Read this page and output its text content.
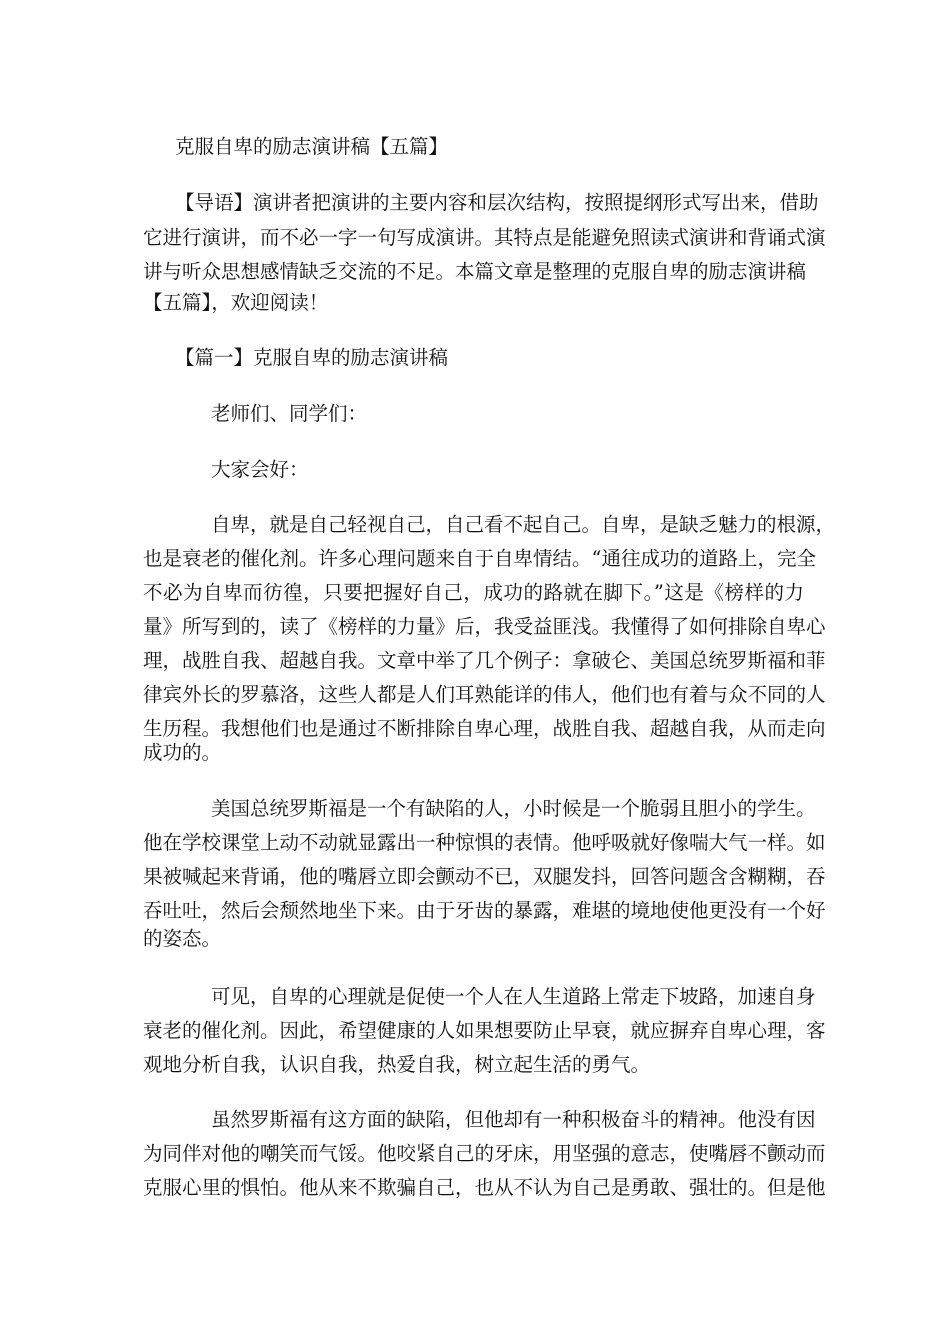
克服自卑的励志演讲稿【五篇】
【导语】演讲者把演讲的主要内容和层次结构，按照提纲形式写出来，借助
它进行演讲，而不必一字一句写成演讲。其特点是能避免照读式演讲和背诵式演
讲与听众思想感情缺乏交流的不足。本篇文章是整理的克服自卑的励志演讲稿
【五篇】，欢迎阅读！
【篇一】克服自卑的励志演讲稿
老师们、同学们：
大家会好：
自卑，就是自己轻视自己，自己看不起自己。自卑，是缺乏魅力的根源，
也是衰老的催化剂。许多心理问题来自于自卑情结。“通往成功的道路上，完全
不必为自卑而彷徨，只要把握好自己，成功的路就在脚下。”这是《榜样的力
量》所写到的，读了《榜样的力量》后，我受益匪浅。我懂得了如何排除自卑心
理，战胜自我、超越自我。文章中举了几个例子：拿破仑、美国总统罗斯福和菲
律宾外长的罗慕洛，这些人都是人们耳熟能详的伟人，他们也有着与众不同的人
生历程。我想他们也是通过不断排除自卑心理，战胜自我、超越自我，从而走向
成功的。
美国总统罗斯福是一个有缺陷的人，小时候是一个脆弱且胆小的学生。
他在学校课堂上动不动就显露出一种惊惧的表情。他呼吸就好像喘大气一样。如
果被喊起来背诵，他的嘴唇立即会颤动不已，双腿发抖，回答问题含含糊糊，吞
吞吐吐，然后会颓然地坐下来。由于牙齿的暴露，难堪的境地使他更没有一个好
的姿态。
可见，自卑的心理就是促使一个人在人生道路上常走下坡路，加速自身
衰老的催化剂。因此，希望健康的人如果想要防止早衰，就应摒弃自卑心理，客
观地分析自我，认识自我，热爱自我，树立起生活的勇气。
虽然罗斯福有这方面的缺陷，但他却有一种积极奋斗的精神。他没有因
为同伴对他的嘲笑而气馁。他咬紧自己的牙床，用坚强的意志，使嘴唇不颤动而
克服心里的惧怕。他从来不欺骗自己，也从不认为自己是勇敢、强壮的。但是他
